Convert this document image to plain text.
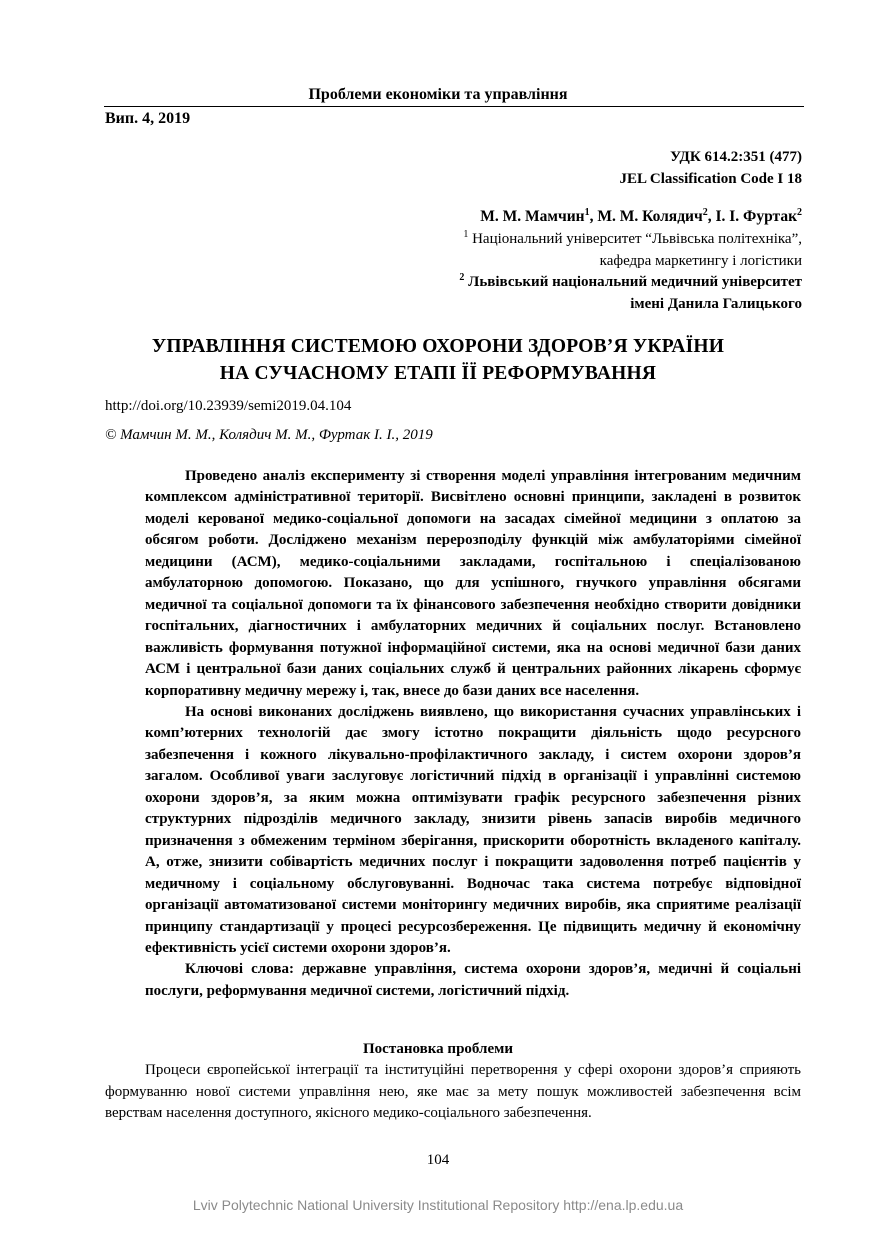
Проблеми економіки та управління
Вип. 4, 2019
УДК 614.2:351 (477)
JEL Classification Code I 18
М. М. Мамчин$^1$, М. М. Колядич$^2$, І. І. Фуртак$^2$
$^1$ Національний університет “Львівська політехніка”,
кафедра маркетингу і логістики
$^2$ Львівський національний медичний університет
імені Данила Галицького
УПРАВЛІННЯ СИСТЕМОЮ ОХОРОНИ ЗДОРОВ’Я УКРАЇНИ
НА СУЧАСНОМУ ЕТАПІ ЇЇ РЕФОРМУВАННЯ
http://doi.org/10.23939/semi2019.04.104
© Мамчин М. М., Колядич М. М., Фуртак І. І., 2019

Проведено аналіз експерименту зі створення моделі управління інтегрованим медичним комплексом адміністративної території. Висвітлено основні принципи, закладені в розвиток моделі керованої медико-соціальної допомоги на засадах сімейної медицини з оплатою за обсягом роботи. Досліджено механізм перерозподілу функцій між амбулаторіями сімейної медицини (АСМ), медико-соціальними закладами, госпітальною і спеціалізованою амбулаторною допомогою. Показано, що для успішного, гнучкого управління обсягами медичної та соціальної допомоги та їх фінансового забезпечення необхідно створити довідники госпітальних, діагностичних і амбулаторних медичних й соціальних послуг. Встановлено важливість формування потужної інформаційної системи, яка на основі медичної бази даних АСМ і центральної бази даних соціальних служб й центральних районних лікарень сформує корпоративну медичну мережу і, так, внесе до бази даних все населення.

На основі виконаних досліджень виявлено, що використання сучасних управлінських і комп’ютерних технологій дає змогу істотно покращити діяльність щодо ресурсного забезпечення і кожного лікувально-профілактичного закладу, і систем охорони здоров’я загалом. Особливої уваги заслуговує логістичний підхід в організації і управлінні системою охорони здоров’я, за яким можна оптимізувати графік ресурсного забезпечення різних структурних підрозділів медичного закладу, знизити рівень запасів виробів медичного призначення з обмеженим терміном зберігання, прискорити оборотність вкладеного капіталу. А, отже, знизити собівартість медичних послуг і покращити задоволення потреб пацієнтів у медичному і соціальному обслуговуванні. Водночас така система потребує відповідної організації автоматизованої системи моніторингу медичних виробів, яка сприятиме реалізації принципу стандартизації у процесі ресурсозбереження. Це підвищить медичну й економічну ефективність усієї системи охорони здоров’я.

Ключові слова: державне управління, система охорони здоров’я, медичні й соціальні послуги, реформування медичної системи, логістичний підхід.

Постановка проблеми

Процеси європейської інтеграції та інституційні перетворення у сфері охорони здоров’я сприяють формуванню нової системи управління нею, яке має за мету пошук можливостей забезпечення всім верствам населення доступного, якісного медико-соціального забезпечення.

104
Lviv Polytechnic National University Institutional Repository http://ena.lp.edu.ua
